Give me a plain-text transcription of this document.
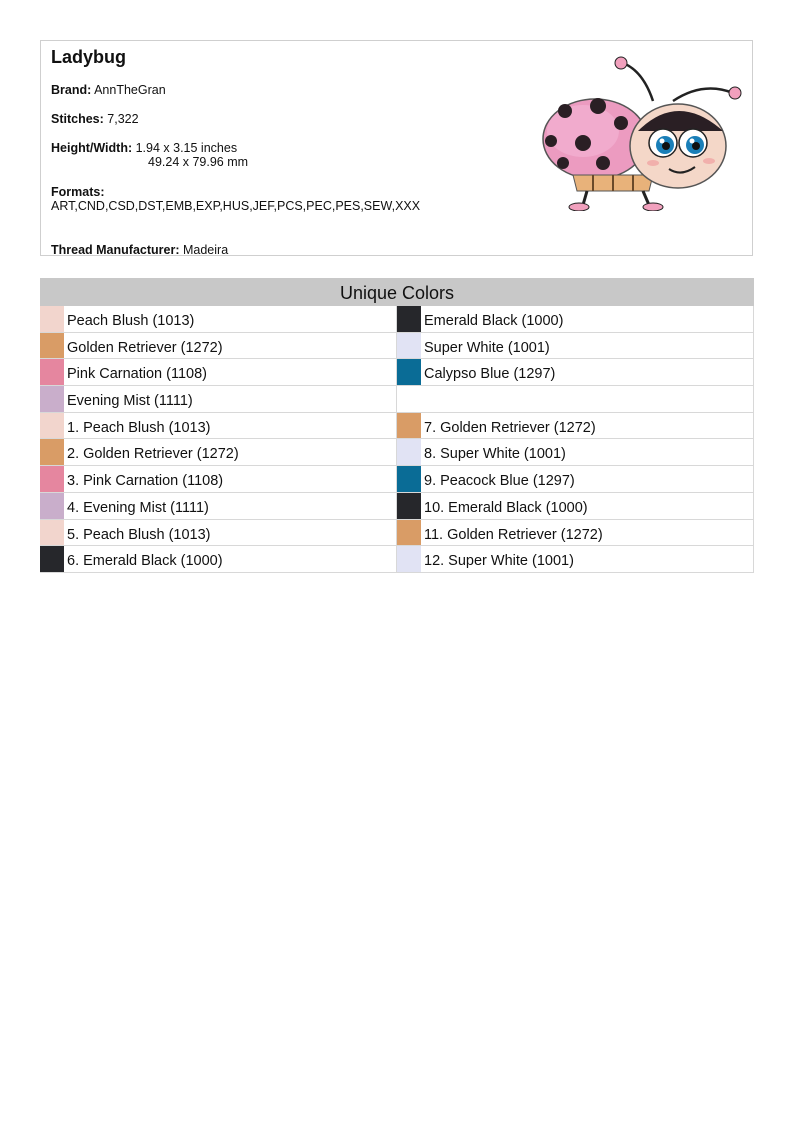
Ladybug
Brand: AnnTheGran
Stitches: 7,322
Height/Width: 1.94 x 3.15 inches
49.24 x 79.96 mm
Formats:
ART,CND,CSD,DST,EMB,EXP,HUS,JEF,PCS,PEC,PES,SEW,XXX
Thread Manufacturer: Madeira
Unique Colors
Peach Blush (1013)	Emerald Black (1000)
Golden Retriever (1272)	Super White (1001)
Pink Carnation (1108)	Calypso Blue (1297)
Evening Mist (1111)
1. Peach Blush (1013)	7. Golden Retriever (1272)
2. Golden Retriever (1272)	8. Super White (1001)
3. Pink Carnation (1108)	9. Peacock Blue (1297)
4. Evening Mist (1111)	10. Emerald Black (1000)
5. Peach Blush (1013)	11. Golden Retriever (1272)
6. Emerald Black (1000)	12. Super White (1001)
